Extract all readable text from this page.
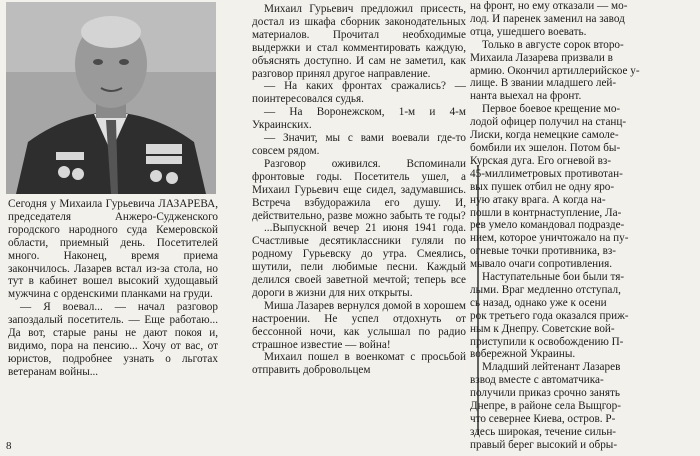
Сегодня у Михаила Гурьевича ЛАЗАРЕВА, председателя Анжеро-Судженского городского народного суда Кемеровской области, приемный день. Посетителей много. Наконец, время приема закончилось. Лазарев встал из-за стола, но тут в кабинет вошел высокий худощавый мужчина с орденскими планками на груди.

— Я воевал... — начал разговор запоздалый посетитель. — Еще работаю... Да вот, старые раны не дают покоя и, видимо, пора на пенсию... Хочу от вас, от юристов, подробнее узнать о льготах ветеранам войны...

Михаил Гурьевич предложил присесть, достал из шкафа сборник законодательных материалов. Прочитал необходимые выдержки и стал комментировать каждую, объяснять доступно. И сам не заметил, как разговор принял другое направление.

— На каких фронтах сражались? — поинтересовался судья.

— На Воронежском, 1-м и 4-м Украинских.

— Значит, мы с вами воевали где-то совсем рядом.

Разговор оживился. Вспоминали фронтовые годы. Посетитель ушел, а Михаил Гурьевич еще сидел, задумавшись. Встреча взбудоражила его душу. И, действительно, разве можно забыть те годы?

...Выпускной вечер 21 июня 1941 года. Счастливые десятиклассники гуляли по родному Гурьевску до утра. Смеялись, шутили, пели любимые песни. Каждый делился своей заветной мечтой; теперь все дороги в жизни для них открыты.

Миша Лазарев вернулся домой в хорошем настроении. Не успел отдохнуть от бессонной ночи, как услышал по радио страшное известие — война!

Михаил пошел в военкомат с просьбой отправить добровольцем

на фронт, но ему отказали — мо-

лод. И паренек заменил на завод

отца, ушедшего воевать.

Только в августе сорок второ-

Михаила Лазарева призвали в

армию. Окончил артиллерийское у-

лище. В звании младшего лей-

нанта выехал на фронт.

Первое боевое крещение мо-

лодой офицер получил на станц-

Лиски, когда немецкие самоле-

бомбили их эшелон. Потом бы-

Курская дуга. Его огневой вз-

45-миллиметровых противотан-

вых пушек отбил не одну яро-

ную атаку врага. А когда на-

пошли в контрнаступление, Ла-

рев умело командовал подразде-

нием, которое уничтожало на пу-

огневые точки противника, вз-

мывало очаги сопротивления.

Наступательные бои были тя-

лыми. Враг медленно отступал,

сь назад, однако уже к осени

рок третьего года оказался приж-

ным к Днепру. Советские вой-

приступили к освобождению П-

вобережной Украины.

Младший лейтенант Лазарев

взвод вместе с автоматчика-

получили приказ срочно занять

Днепре, в районе села Выщгор-

что севернее Киева, остров. Р-

здесь широкая, течение сильн-

правый берег высокий и обры-

8
